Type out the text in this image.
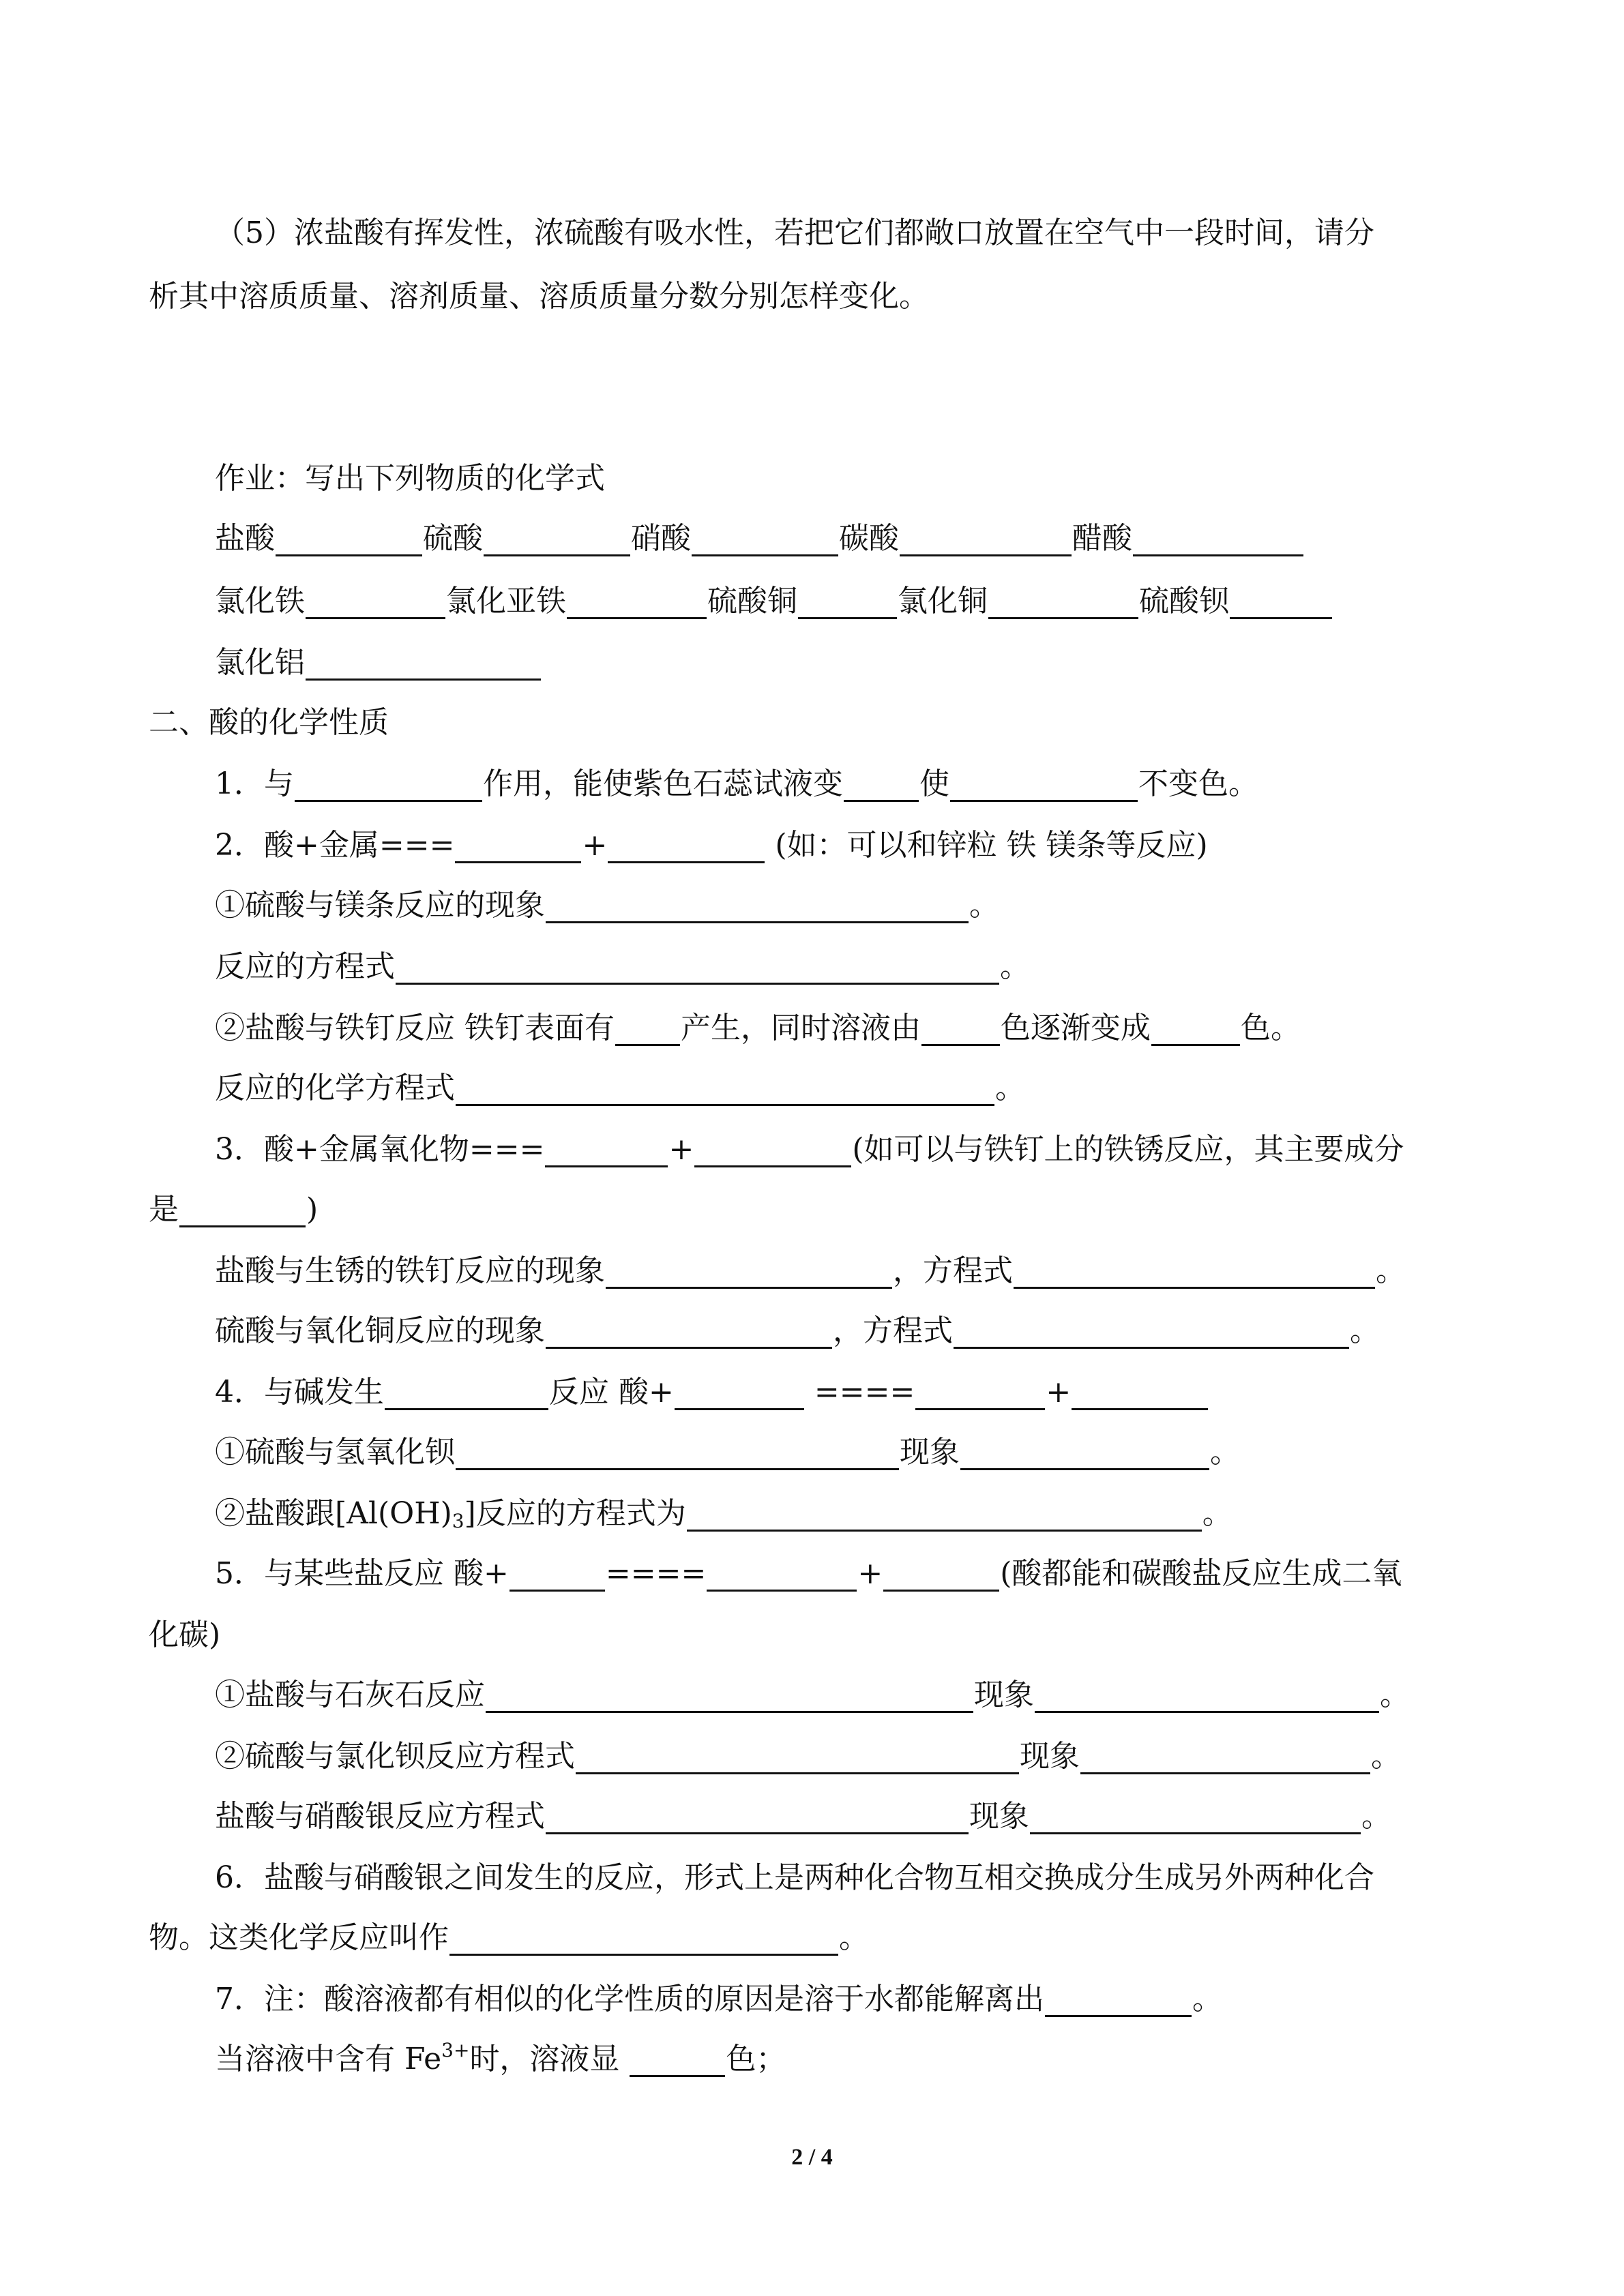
（5）浓盐酸有挥发性，浓硫酸有吸水性，若把它们都敞口放置在空气中一段时间，请分
析其中溶质质量、溶剂质量、溶质质量分数分别怎样变化。
作业：写出下列物质的化学式
盐酸	硫酸	硝酸	碳酸	醋酸
氯化铁	氯化亚铁	硫酸铜	氯化铜	硫酸钡
氯化铝
二、酸的化学性质
1．与	作用，能使紫色石蕊试液变	使	不变色。
2．酸+金属===	+	(如：可以和锌粒 铁 镁条等反应)
①硫酸与镁条反应的现象	。
反应的方程式	。
②盐酸与铁钉反应 铁钉表面有 产生，同时溶液由	色逐渐变成	色。
反应的化学方程式	。
3．酸+金属氧化物===	+	(如可以与铁钉上的铁锈反应，其主要成分
是	)
盐酸与生锈的铁钉反应的现象	，方程式	。
硫酸与氧化铜反应的现象	，方程式	。
4．与碱发生	反应 酸+	====	+
①硫酸与氢氧化钡	现象	。
②盐酸跟$[Al(OH)_3]$反应的方程式为	。
5．与某些盐反应 酸+	====	+	(酸都能和碳酸盐反应生成二氧
化碳)
①盐酸与石灰石反应	现象	。
②硫酸与氯化钡反应方程式	现象	。
盐酸与硝酸银反应方程式	现象	。
6．盐酸与硝酸银之间发生的反应，形式上是两种化合物互相交换成分生成另外两种化合
物。这类化学反应叫作	。
7．注：酸溶液都有相似的化学性质的原因是溶于水都能解离出	。
当溶液中含有 $Fe^{3+}$时，溶液显	色；
2 / 4
